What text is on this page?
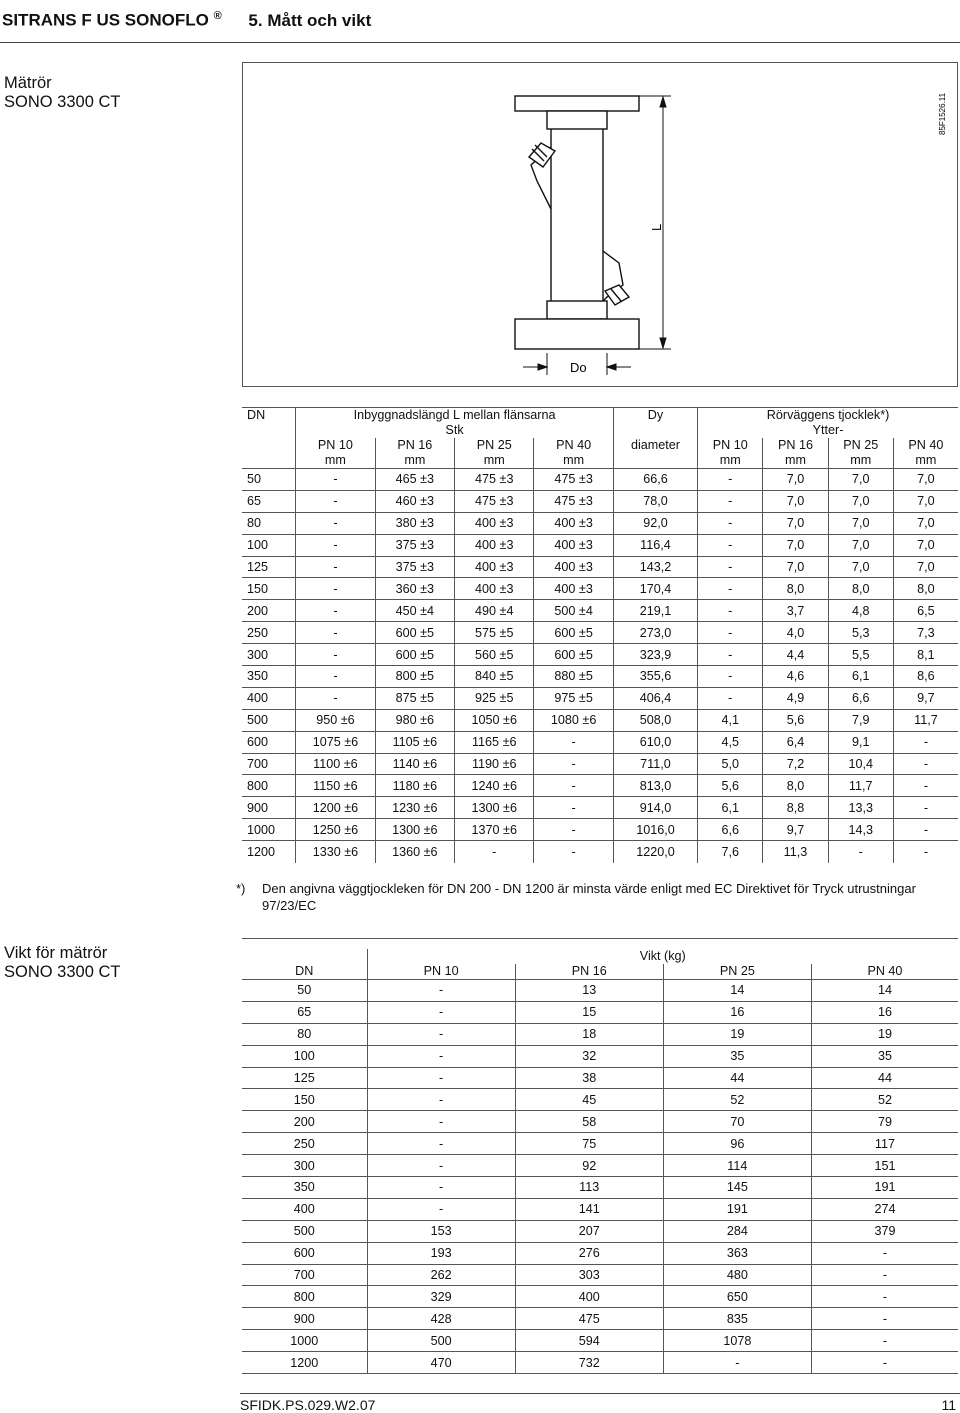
SITRANS F US SONOFLO ® 5. Mått och vikt
Mätrör
SONO 3300 CT
L
Do
85F1526.11
DN	Inbyggnadslängd L mellan flänsarna				Dy	Rörväggens tjocklek*)			
	Stk					Ytter-			
	PN 10	PN 16	PN 25	PN 40	diameter	PN 10	PN 16	PN 25	PN 40
	mm	mm	mm	mm		mm	mm	mm	mm
50	-	465 ±3	475 ±3	475 ±3	66,6	-	7,0	7,0	7,0
65	-	460 ±3	475 ±3	475 ±3	78,0	-	7,0	7,0	7,0
80	-	380 ±3	400 ±3	400 ±3	92,0	-	7,0	7,0	7,0
100	-	375 ±3	400 ±3	400 ±3	116,4	-	7,0	7,0	7,0
125	-	375 ±3	400 ±3	400 ±3	143,2	-	7,0	7,0	7,0
150	-	360 ±3	400 ±3	400 ±3	170,4	-	8,0	8,0	8,0
200	-	450 ±4	490 ±4	500 ±4	219,1	-	3,7	4,8	6,5
250	-	600 ±5	575 ±5	600 ±5	273,0	-	4,0	5,3	7,3
300	-	600 ±5	560 ±5	600 ±5	323,9	-	4,4	5,5	8,1
350	-	800 ±5	840 ±5	880 ±5	355,6	-	4,6	6,1	8,6
400	-	875 ±5	925 ±5	975 ±5	406,4	-	4,9	6,6	9,7
500	950 ±6	980 ±6	1050 ±6	1080 ±6	508,0	4,1	5,6	7,9	11,7
600	1075 ±6	1105 ±6	1165 ±6	-	610,0	4,5	6,4	9,1	-
700	1100 ±6	1140 ±6	1190 ±6	-	711,0	5,0	7,2	10,4	-
800	1150 ±6	1180 ±6	1240 ±6	-	813,0	5,6	8,0	11,7	-
900	1200 ±6	1230 ±6	1300 ±6	-	914,0	6,1	8,8	13,3	-
1000	1250 ±6	1300 ±6	1370 ±6	-	1016,0	6,6	9,7	14,3	-
1200	1330 ±6	1360 ±6	-	-	1220,0	7,6	11,3	-	-
*) Den angivna väggtjockleken för DN 200 - DN 1200 är minsta värde enligt med EC Direktivet för Tryck utrustningar 97/23/EC
Vikt för mätrör
SONO 3300 CT
	Vikt (kg)			
DN	PN 10	PN 16	PN 25	PN 40
50	-	13	14	14
65	-	15	16	16
80	-	18	19	19
100	-	32	35	35
125	-	38	44	44
150	-	45	52	52
200	-	58	70	79
250	-	75	96	117
300	-	92	114	151
350	-	113	145	191
400	-	141	191	274
500	153	207	284	379
600	193	276	363	-
700	262	303	480	-
800	329	400	650	-
900	428	475	835	-
1000	500	594	1078	-
1200	470	732	-	-
SFIDK.PS.029.W2.07	11
